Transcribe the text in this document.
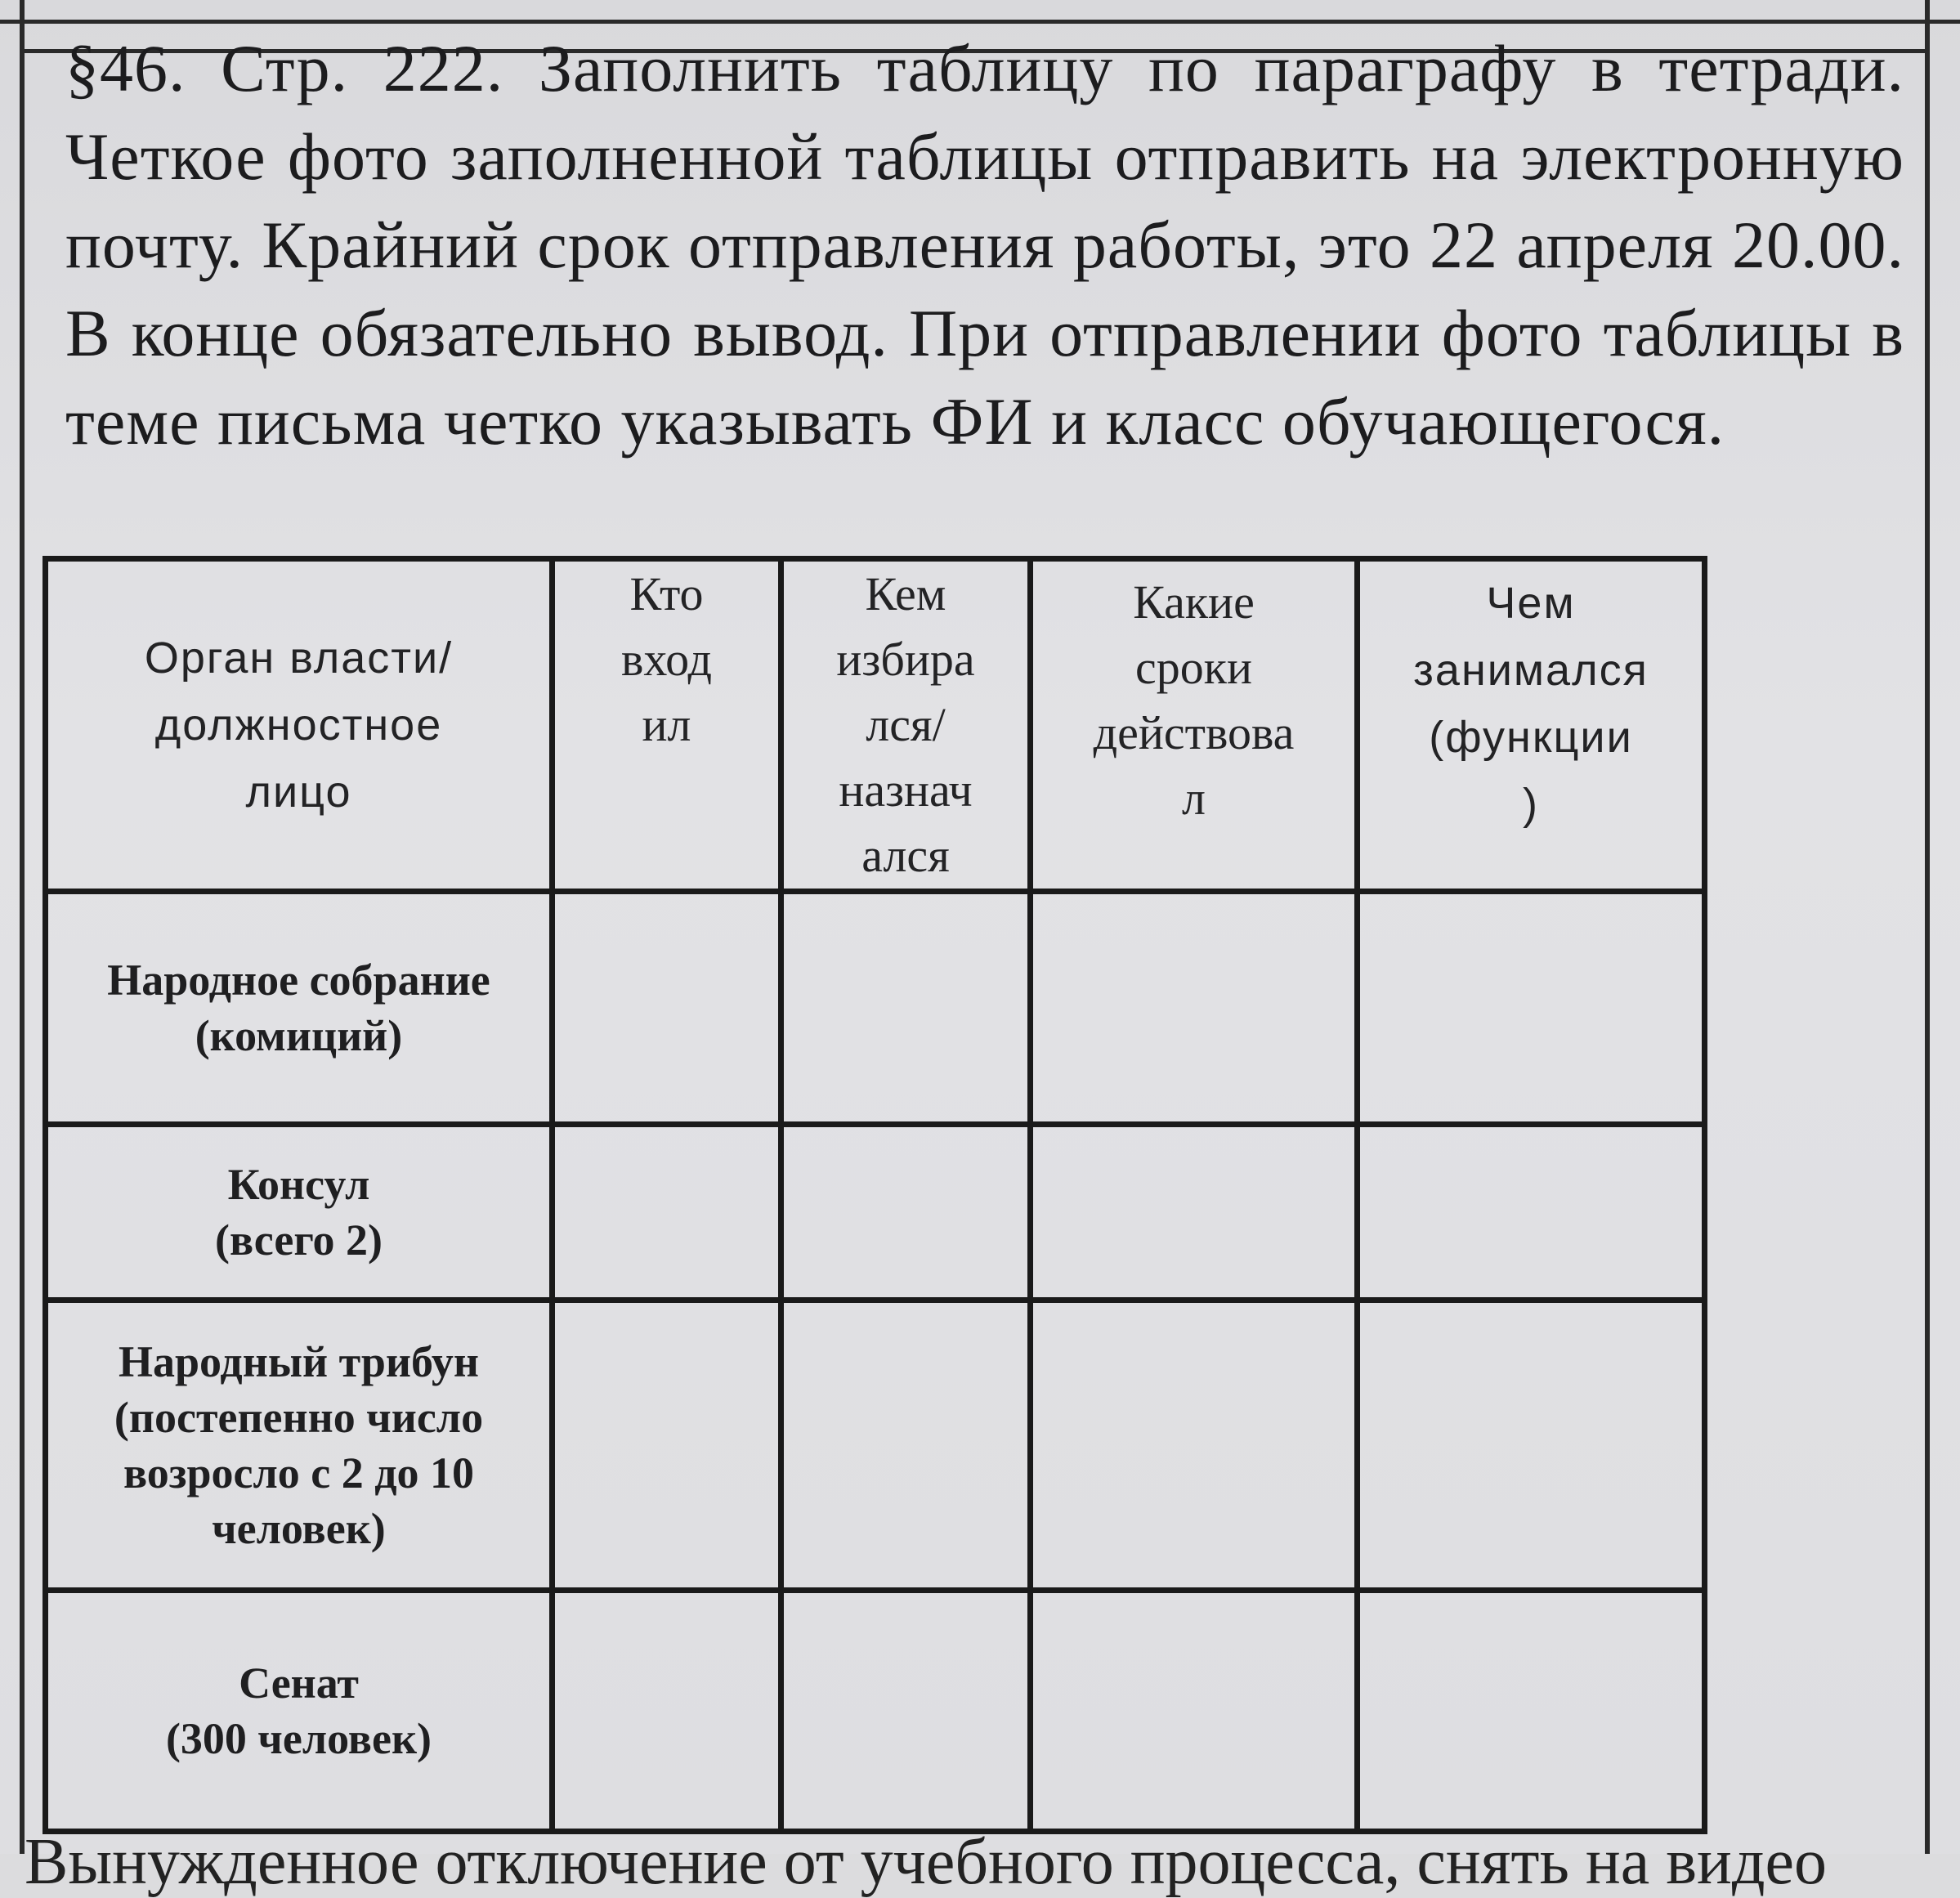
§46. Стр. 222. Заполнить таблицу по параграфу в тетради. Четкое фото заполненной таблицы отправить на электронную почту. Крайний срок отправления работы, это 22 апреля 20.00. В конце обязательно вывод. При отправлении фото таблицы в теме письма четко указывать ФИ и класс обучающегося.
Орган власти/
должностное
лицо	Кто
вход
ил	Кем
избира
лся/
назнач
ался	Какие
сроки
действова
л	Чем
занимался
(функции
)

Народное собрание
(комиций)				

Консул
(всего 2)				

Народный трибун
(постепенно число
возросло с 2 до 10
человек)				

Сенат
(300 человек)				

Вынужденное отключение от учебного процесса, снять на видео
